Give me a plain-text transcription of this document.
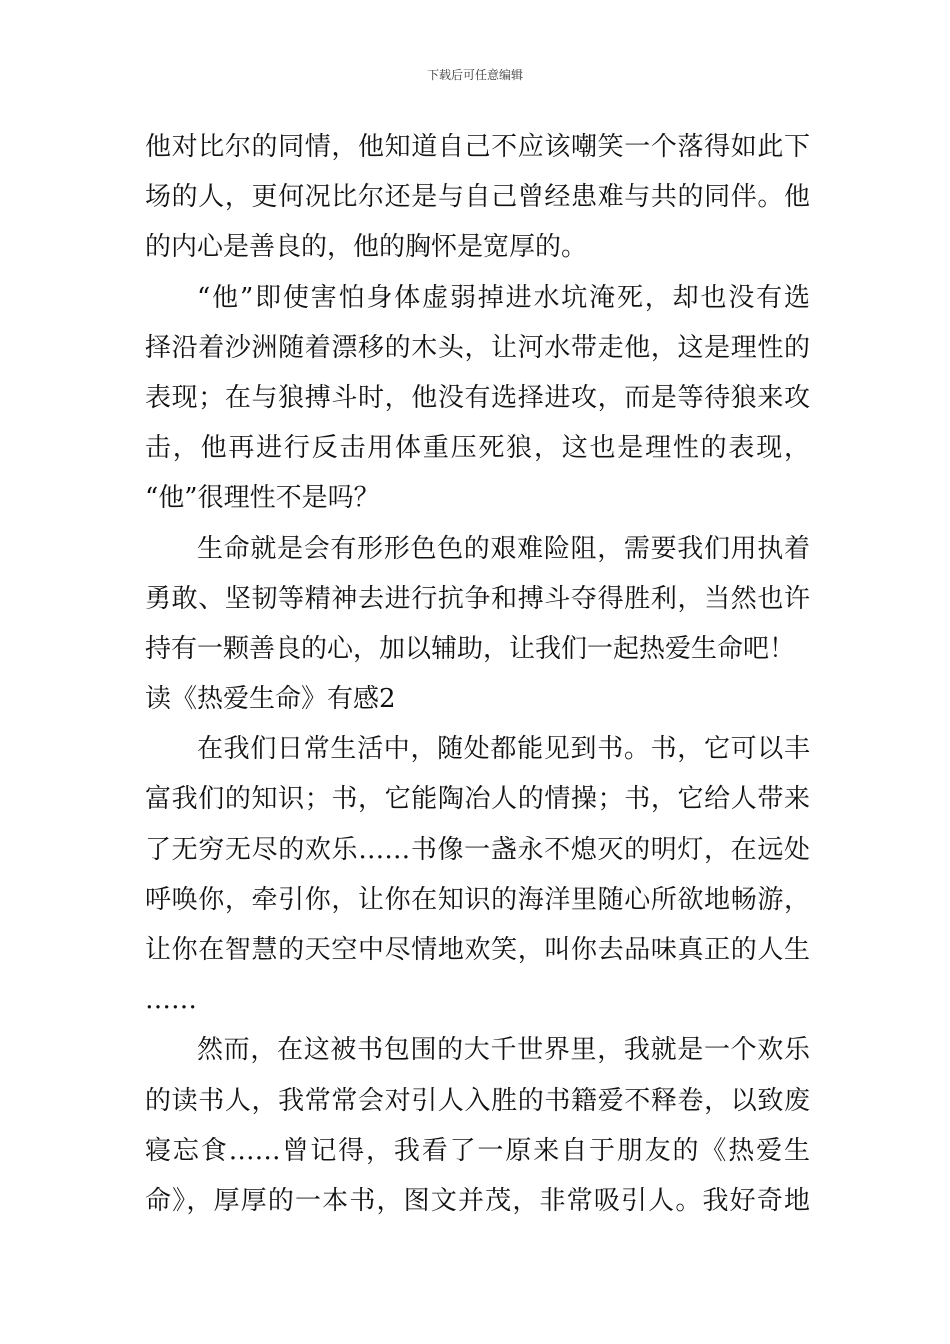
下载后可任意编辑
他对比尔的同情，他知道自己不应该嘲笑一个落得如此下
场的人，更何况比尔还是与自己曾经患难与共的同伴。他
的内心是善良的，他的胸怀是宽厚的。
“他”即使害怕身体虚弱掉进水坑淹死，却也没有选
择沿着沙洲随着漂移的木头，让河水带走他，这是理性的
表现；在与狼搏斗时，他没有选择进攻，而是等待狼来攻
击，他再进行反击用体重压死狼，这也是理性的表现，
“他”很理性不是吗？
生命就是会有形形色色的艰难险阻，需要我们用执着
勇敢、坚韧等精神去进行抗争和搏斗夺得胜利，当然也许
持有一颗善良的心，加以辅助，让我们一起热爱生命吧！
读《热爱生命》有感2
在我们日常生活中，随处都能见到书。书，它可以丰
富我们的知识；书，它能陶冶人的情操；书，它给人带来
了无穷无尽的欢乐……书像一盏永不熄灭的明灯，在远处
呼唤你，牵引你，让你在知识的海洋里随心所欲地畅游，
让你在智慧的天空中尽情地欢笑，叫你去品味真正的人生
……
然而，在这被书包围的大千世界里，我就是一个欢乐
的读书人，我常常会对引人入胜的书籍爱不释卷，以致废
寝忘食……曾记得，我看了一原来自于朋友的《热爱生
命》，厚厚的一本书，图文并茂，非常吸引人。我好奇地
